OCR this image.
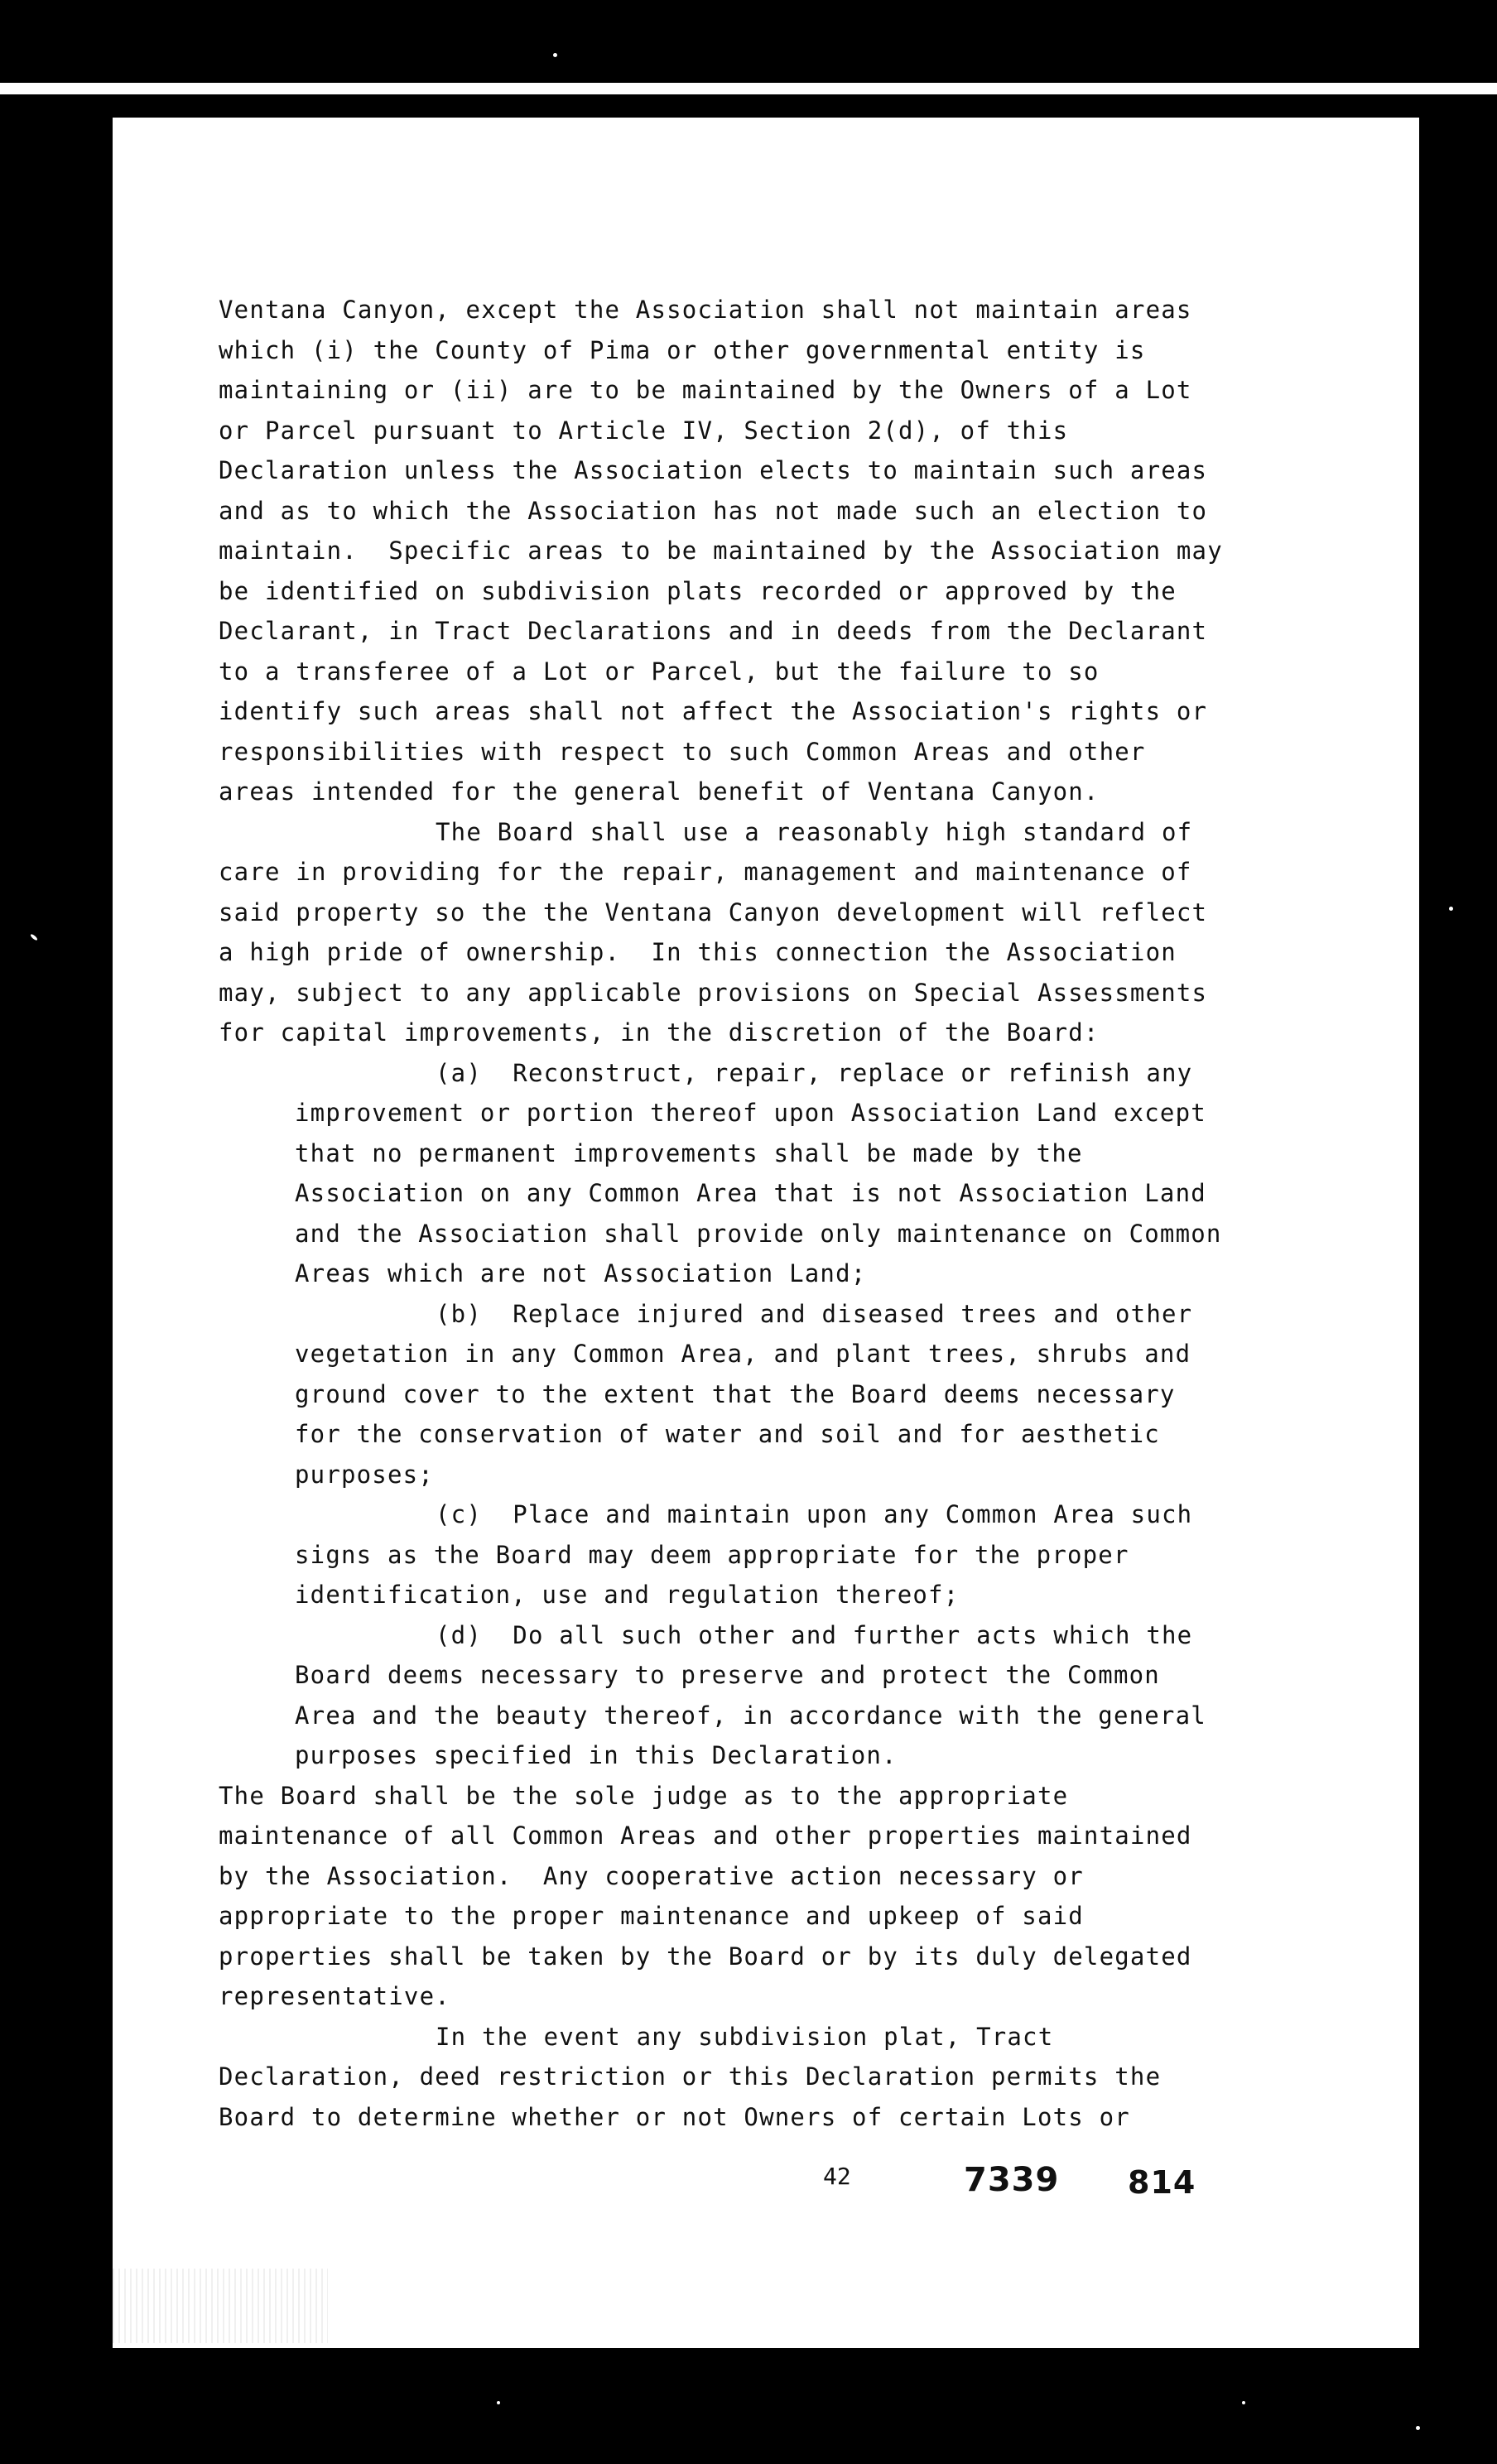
Ventana Canyon, except the Association shall not maintain areas
which (i) the County of Pima or other governmental entity is
maintaining or (ii) are to be maintained by the Owners of a Lot
or Parcel pursuant to Article IV, Section 2(d), of this
Declaration unless the Association elects to maintain such areas
and as to which the Association has not made such an election to
maintain.  Specific areas to be maintained by the Association may
be identified on subdivision plats recorded or approved by the
Declarant, in Tract Declarations and in deeds from the Declarant
to a transferee of a Lot or Parcel, but the failure to so
identify such areas shall not affect the Association's rights or
responsibilities with respect to such Common Areas and other
areas intended for the general benefit of Ventana Canyon.
The Board shall use a reasonably high standard of
care in providing for the repair, management and maintenance of
said property so the the Ventana Canyon development will reflect
a high pride of ownership.  In this connection the Association
may, subject to any applicable provisions on Special Assessments
for capital improvements, in the discretion of the Board:
(a)  Reconstruct, repair, replace or refinish any
improvement or portion thereof upon Association Land except
that no permanent improvements shall be made by the
Association on any Common Area that is not Association Land
and the Association shall provide only maintenance on Common
Areas which are not Association Land;
(b)  Replace injured and diseased trees and other
vegetation in any Common Area, and plant trees, shrubs and
ground cover to the extent that the Board deems necessary
for the conservation of water and soil and for aesthetic
purposes;
(c)  Place and maintain upon any Common Area such
signs as the Board may deem appropriate for the proper
identification, use and regulation thereof;
(d)  Do all such other and further acts which the
Board deems necessary to preserve and protect the Common
Area and the beauty thereof, in accordance with the general
purposes specified in this Declaration.
The Board shall be the sole judge as to the appropriate
maintenance of all Common Areas and other properties maintained
by the Association.  Any cooperative action necessary or
appropriate to the proper maintenance and upkeep of said
properties shall be taken by the Board or by its duly delegated
representative.
In the event any subdivision plat, Tract
Declaration, deed restriction or this Declaration permits the
Board to determine whether or not Owners of certain Lots or
42	7339 814
